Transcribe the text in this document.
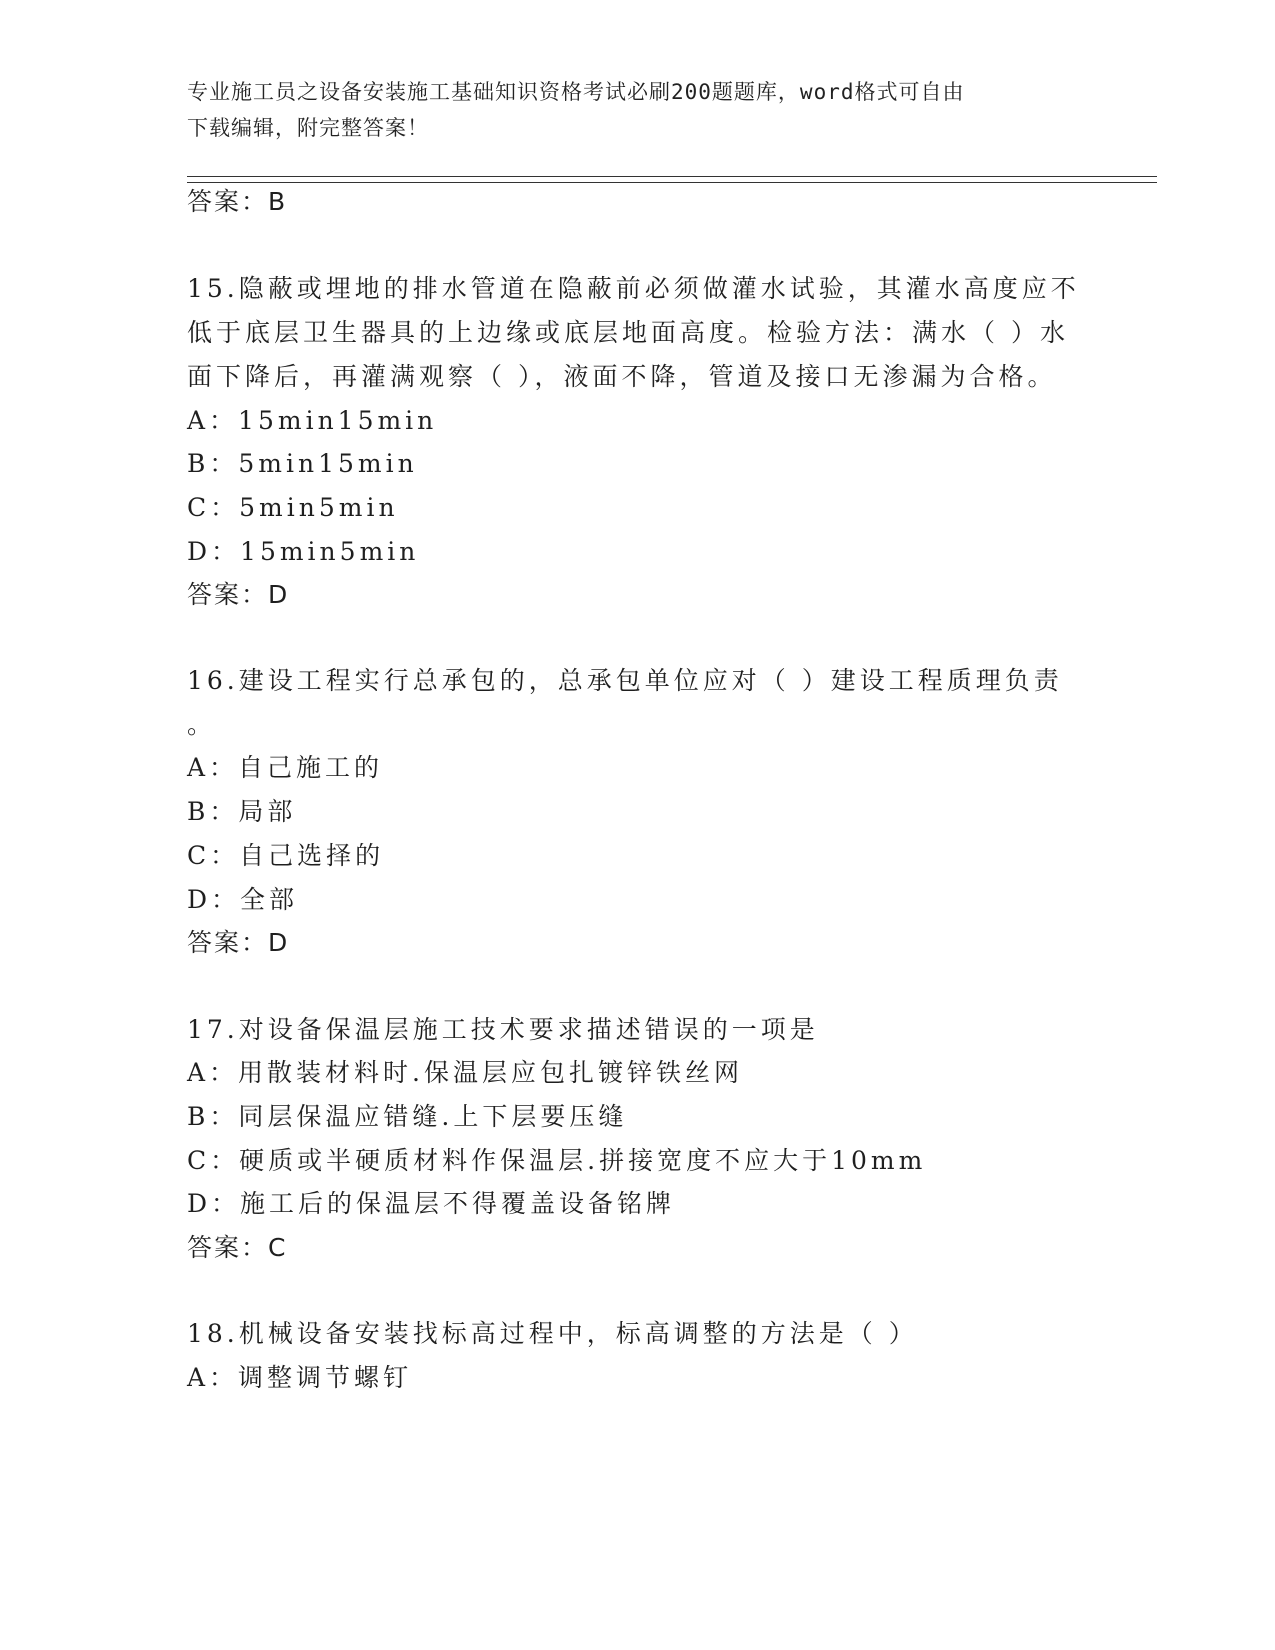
专业施工员之设备安装施工基础知识资格考试必刷200题题库，word格式可自由
下载编辑，附完整答案！
答案：B
15.隐蔽或埋地的排水管道在隐蔽前必须做灌水试验，其灌水高度应不
低于底层卫生器具的上边缘或底层地面高度。检验方法：满水（ ）水
面下降后，再灌满观察（ ），液面不降，管道及接口无渗漏为合格。
A：15min15min
B：5min15min
C：5min5min
D：15min5min
答案：D
16.建设工程实行总承包的，总承包单位应对（ ）建设工程质理负责
。
A：自己施工的
B：局部
C：自己选择的
D：全部
答案：D
17.对设备保温层施工技术要求描述错误的一项是
A：用散装材料时.保温层应包扎镀锌铁丝网
B：同层保温应错缝.上下层要压缝
C：硬质或半硬质材料作保温层.拼接宽度不应大于10mm
D：施工后的保温层不得覆盖设备铭牌
答案：C
18.机械设备安装找标高过程中，标高调整的方法是（ ）
A：调整调节螺钉
